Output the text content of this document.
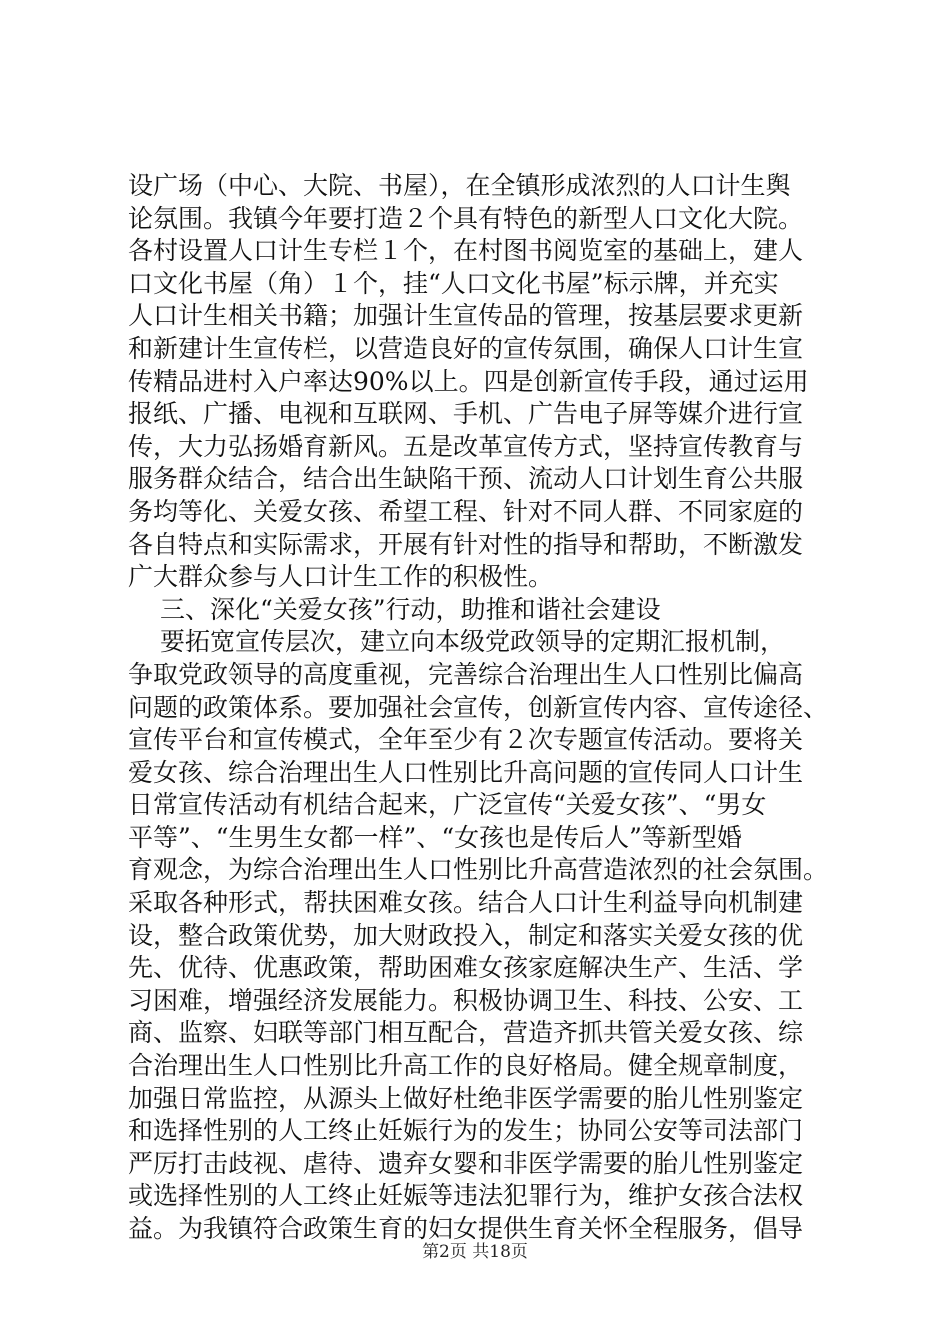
设广场（中心、大院、书屋），在全镇形成浓烈的人口计生舆
论氛围。我镇今年要打造２个具有特色的新型人口文化大院。
各村设置人口计生专栏１个，在村图书阅览室的基础上，建人
口文化书屋（角）１个，挂“人口文化书屋”标示牌，并充实
人口计生相关书籍；加强计生宣传品的管理，按基层要求更新
和新建计生宣传栏，以营造良好的宣传氛围，确保人口计生宣
传精品进村入户率达90%以上。四是创新宣传手段，通过运用
报纸、广播、电视和互联网、手机、广告电子屏等媒介进行宣
传，大力弘扬婚育新风。五是改革宣传方式，坚持宣传教育与
服务群众结合，结合出生缺陷干预、流动人口计划生育公共服
务均等化、关爱女孩、希望工程、针对不同人群、不同家庭的
各自特点和实际需求，开展有针对性的指导和帮助，不断激发
广大群众参与人口计生工作的积极性。
三、深化“关爱女孩”行动，助推和谐社会建设
要拓宽宣传层次，建立向本级党政领导的定期汇报机制，
争取党政领导的高度重视，完善综合治理出生人口性别比偏高
问题的政策体系。要加强社会宣传，创新宣传内容、宣传途径、
宣传平台和宣传模式，全年至少有２次专题宣传活动。要将关
爱女孩、综合治理出生人口性别比升高问题的宣传同人口计生
日常宣传活动有机结合起来，广泛宣传“关爱女孩”、“男女
平等”、“生男生女都一样”、“女孩也是传后人”等新型婚
育观念，为综合治理出生人口性别比升高营造浓烈的社会氛围。
采取各种形式，帮扶困难女孩。结合人口计生利益导向机制建
设，整合政策优势，加大财政投入，制定和落实关爱女孩的优
先、优待、优惠政策，帮助困难女孩家庭解决生产、生活、学
习困难，增强经济发展能力。积极协调卫生、科技、公安、工
商、监察、妇联等部门相互配合，营造齐抓共管关爱女孩、综
合治理出生人口性别比升高工作的良好格局。健全规章制度，
加强日常监控，从源头上做好杜绝非医学需要的胎儿性别鉴定
和选择性别的人工终止妊娠行为的发生；协同公安等司法部门
严厉打击歧视、虐待、遗弃女婴和非医学需要的胎儿性别鉴定
或选择性别的人工终止妊娠等违法犯罪行为，维护女孩合法权
益。为我镇符合政策生育的妇女提供生育关怀全程服务，倡导
第2页 共18页
